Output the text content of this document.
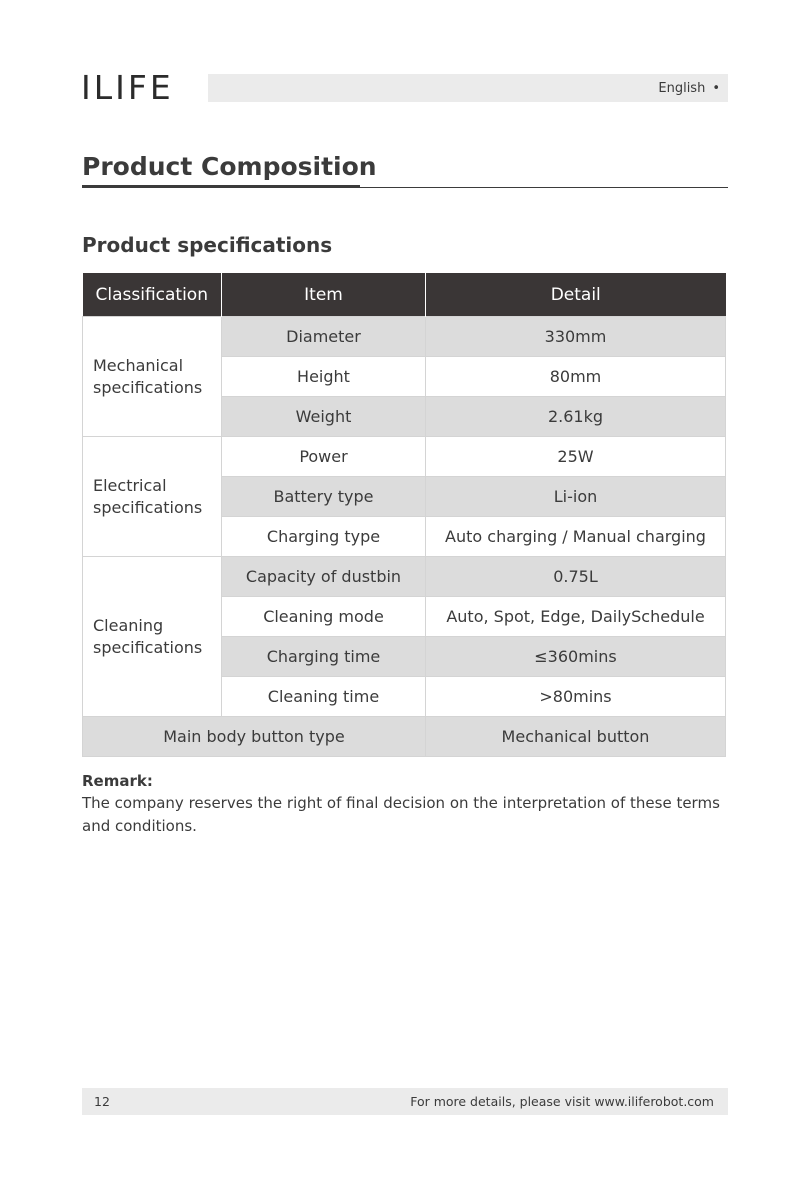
ILIFE	English •
Product Composition
Product specifications
Classification	Item	Detail
Mechanical specifications	Diameter	330mm
	Height	80mm
	Weight	2.61kg
Electrical specifications	Power	25W
	Battery type	Li-ion
	Charging type	Auto charging / Manual charging
Cleaning specifications	Capacity of dustbin	0.75L
	Cleaning mode	Auto, Spot, Edge, DailySchedule
	Charging time	≤360mins
	Cleaning time	>80mins
Main body button type		Mechanical button
Remark:

The company reserves the right of final decision on the interpretation of these terms and conditions.

12	For more details, please visit www.iliferobot.com
